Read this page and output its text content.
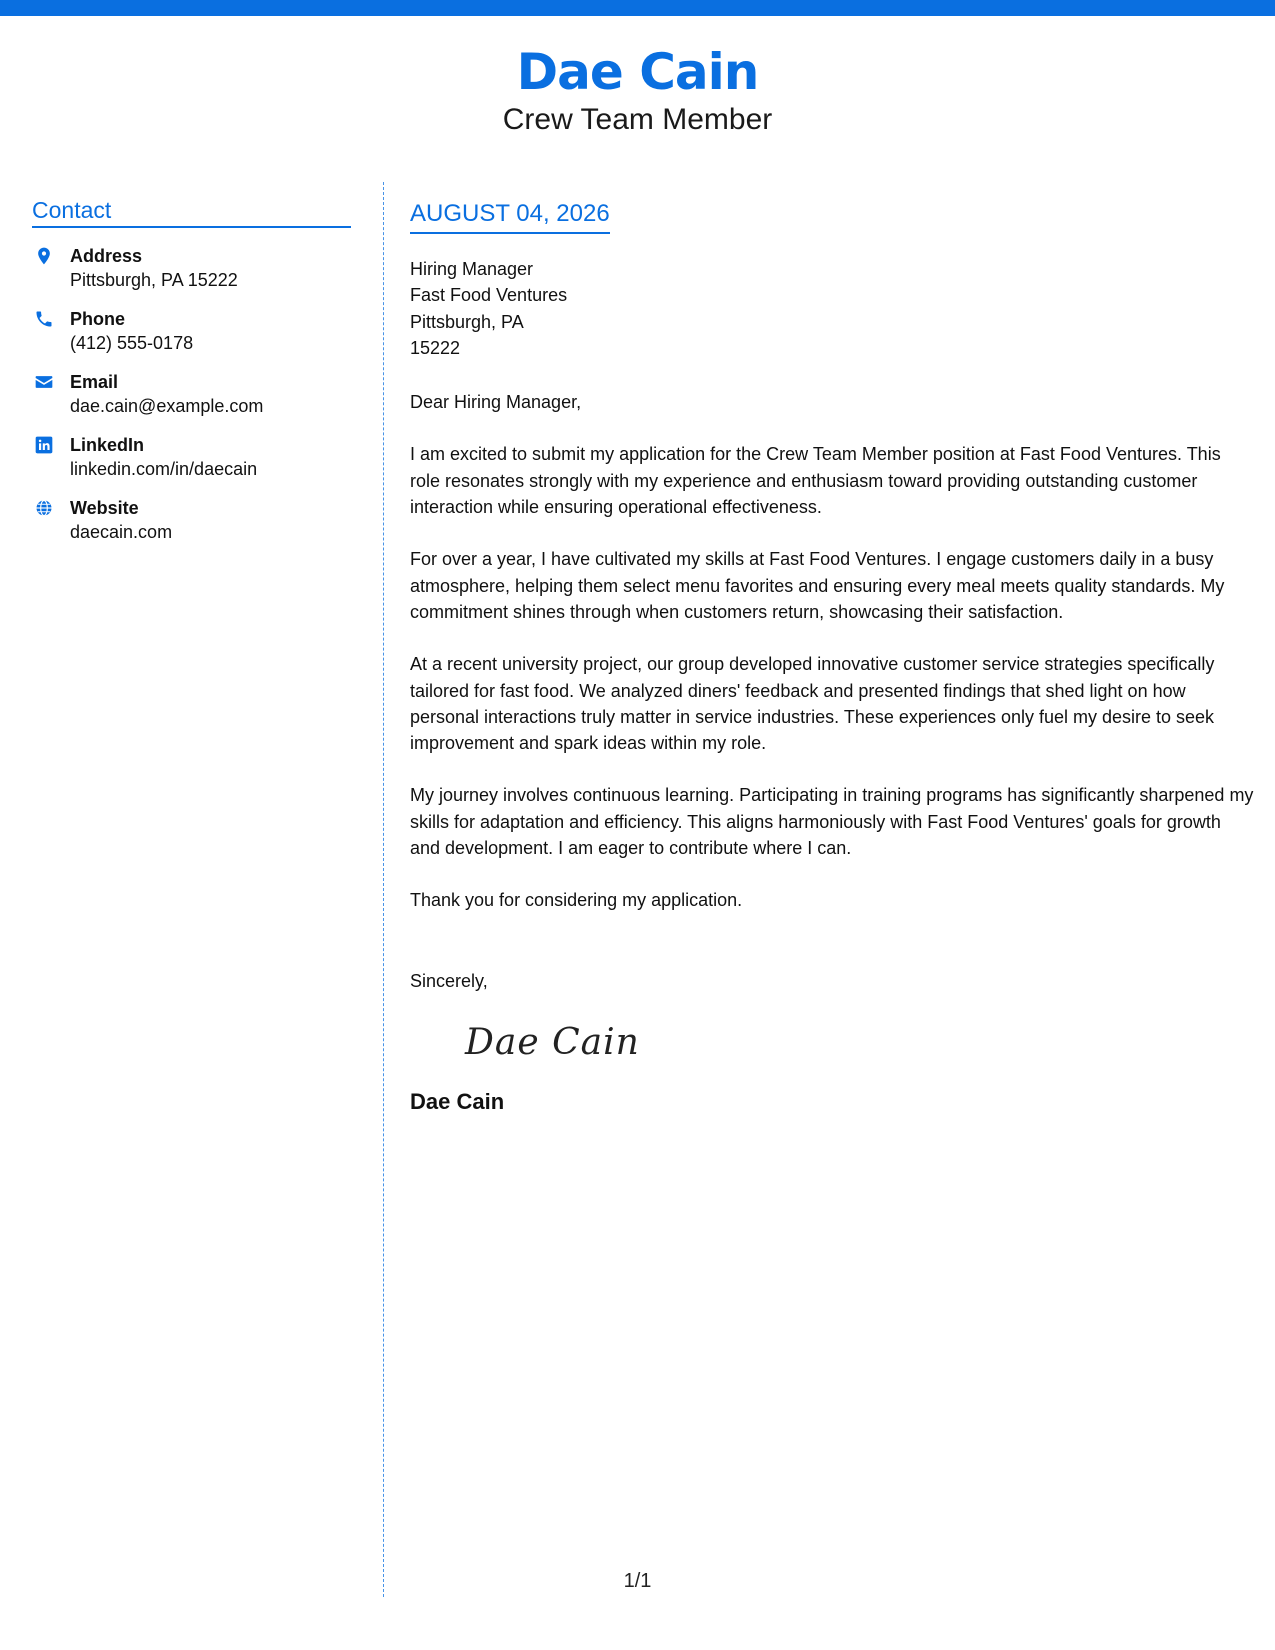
Dae Cain
Crew Team Member
Contact
Address
Pittsburgh, PA 15222
Phone
(412) 555-0178
Email
dae.cain@example.com
LinkedIn
linkedin.com/in/daecain
Website
daecain.com
AUGUST 04, 2026
Hiring Manager
Fast Food Ventures
Pittsburgh, PA
15222
Dear Hiring Manager,
I am excited to submit my application for the Crew Team Member position at Fast Food Ventures. This role resonates strongly with my experience and enthusiasm toward providing outstanding customer interaction while ensuring operational effectiveness.
For over a year, I have cultivated my skills at Fast Food Ventures. I engage customers daily in a busy atmosphere, helping them select menu favorites and ensuring every meal meets quality standards. My commitment shines through when customers return, showcasing their satisfaction.
At a recent university project, our group developed innovative customer service strategies specifically tailored for fast food. We analyzed diners' feedback and presented findings that shed light on how personal interactions truly matter in service industries. These experiences only fuel my desire to seek improvement and spark ideas within my role.
My journey involves continuous learning. Participating in training programs has significantly sharpened my skills for adaptation and efficiency. This aligns harmoniously with Fast Food Ventures' goals for growth and development. I am eager to contribute where I can.
Thank you for considering my application.
Sincerely,
Dae Cain
Dae Cain
1/1
